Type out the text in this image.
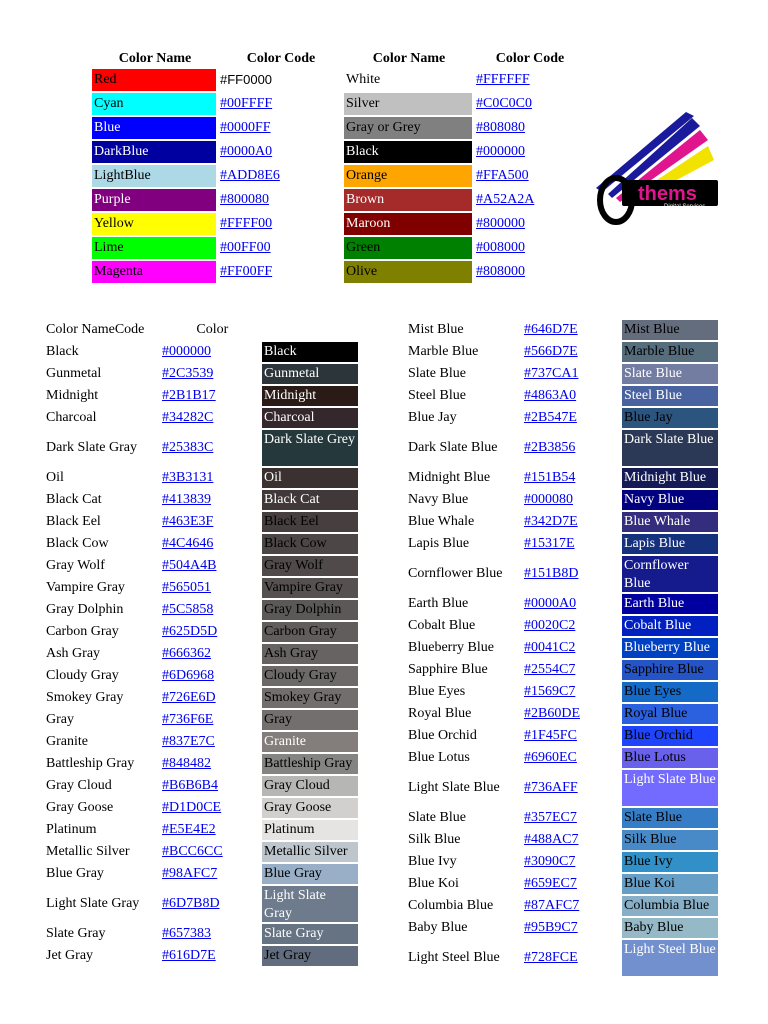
Color Name	Color Code	Color Name	Color Code
Red	#FF0000	White	#FFFFFF
Cyan	#00FFFF	Silver	#C0C0C0
Blue	#0000FF	Gray or Grey	#808080
DarkBlue	#0000A0	Black	#000000
LightBlue	#ADD8E6	Orange	#FFA500
Purple	#800080	Brown	#A52A2A
Yellow	#FFFF00	Maroon	#800000
Lime	#00FF00	Green	#008000
Magenta	#FF00FF	Olive	#808000
thems
Digital Services
Color Name Code	Color
Black	#000000	Black
Gunmetal	#2C3539	Gunmetal
Midnight	#2B1B17	Midnight
Charcoal	#34282C	Charcoal
Dark Slate Gray	#25383C
Dark Slate Grey
Oil	#3B3131	Oil
Black Cat	#413839	Black Cat
Black Eel	#463E3F	Black Eel
Black Cow	#4C4646	Black Cow
Gray Wolf	#504A4B	Gray Wolf
Vampire Gray	#565051	Vampire Gray
Gray Dolphin	#5C5858	Gray Dolphin
Carbon Gray	#625D5D	Carbon Gray
Ash Gray	#666362	Ash Gray
Cloudy Gray	#6D6968	Cloudy Gray
Smokey Gray	#726E6D	Smokey Gray
Gray	#736F6E	Gray
Granite	#837E7C	Granite
Battleship Gray	#848482	Battleship Gray
Gray Cloud	#B6B6B4	Gray Cloud
Gray Goose	#D1D0CE	Gray Goose
Platinum	#E5E4E2	Platinum
Metallic Silver	#BCC6CC	Metallic Silver
Blue Gray	#98AFC7	Blue Gray
Light Slate Gray	#6D7B8D
Light Slate Gray
Slate Gray	#657383	Slate Gray
Jet Gray	#616D7E	Jet Gray
Mist Blue	#646D7E	Mist Blue
Marble Blue	#566D7E	Marble Blue
Slate Blue	#737CA1	Slate Blue
Steel Blue	#4863A0	Steel Blue
Blue Jay	#2B547E	Blue Jay
Dark Slate Blue	#2B3856
Dark Slate Blue
Midnight Blue	#151B54	Midnight Blue
Navy Blue	#000080	Navy Blue
Blue Whale	#342D7E	Blue Whale
Lapis Blue	#15317E	Lapis Blue
Cornflower Blue	#151B8D
Cornflower Blue
Earth Blue	#0000A0	Earth Blue
Cobalt Blue	#0020C2	Cobalt Blue
Blueberry Blue	#0041C2	Blueberry Blue
Sapphire Blue	#2554C7	Sapphire Blue
Blue Eyes	#1569C7	Blue Eyes
Royal Blue	#2B60DE	Royal Blue
Blue Orchid	#1F45FC	Blue Orchid
Blue Lotus	#6960EC	Blue Lotus
Light Slate Blue	#736AFF
Light Slate Blue
Slate Blue	#357EC7	Slate Blue
Silk Blue	#488AC7	Silk Blue
Blue Ivy	#3090C7	Blue Ivy
Blue Koi	#659EC7	Blue Koi
Columbia Blue	#87AFC7	Columbia Blue
Baby Blue	#95B9C7	Baby Blue
Light Steel Blue	#728FCE
Light Steel Blue
